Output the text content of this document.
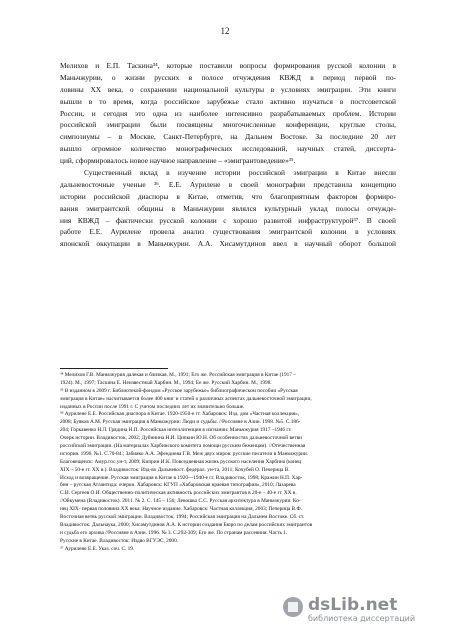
12
Мелихов и Е.П. Таскина³⁴, которые поставили вопросы формирования русской колонии в
Маньчжурии, о жизни русских в полосе отчуждения КВЖД в период первой по-
ловины XX века, о сохранении национальной культуры в условиях эмиграции. Эти книги
вышли в то время, когда российское зарубежье стало активно изучаться в постсоветской
России, и сегодня это одна из наиболее интенсивно разрабатываемых проблем. Истории
российской эмиграции были посвящены многочисленные конференции, круглые столы,
симпозиумы – в Москве, Санкт-Петербурге, на Дальнем Востоке. За последние 20 лет
вышло огромное количество монографических исследований, научных статей, диссерта-
ций, сформировалось новое научное направление – «эмигрантоведение»³⁵.
Существенный вклад в изучение истории российской эмиграции в Китае внесли
дальневосточные ученые ³⁶. Е.Е. Аурилене в своей монографии представила концепцию
истории российской диаспоры в Китае, отметив, что благоприятным фактором формиро-
вания эмигрантской общины в Маньчжурии являлся культурный уклад полосы отчужде-
ния КВЖД – фактически русской колонии с хорошо развитой инфраструктурой³⁷. В своей
работе Е.Е. Аурилене провела анализ существования эмигрантской колонии в условиях
японской оккупации в Маньчжурии. А.А. Хисамутдинов ввел в научный оборот большой
³⁴ Мелихов Г.В. Маньчжурия далекая и близкая. М., 1991; Его же. Российская эмиграция в Китае (1917 –
1924). М., 1997; Таскина Е. Неизвестный Харбин. М., 1994; Ее же. Русский Харбин. М., 1998.
³⁵ В изданном в 2009 г. Библиотекой-фондом «Русское зарубежье» библиографическом пособии «Русская
эмиграция в Китае» насчитывается более 400 книг и статей о различных аспектах дальневосточной эмиграции,
изданных в России после 1991 г. С учетом последних лет их значительно больше.
³⁶ Аурилене Е.Е. Российская диаспора в Китае. 1920-1950-е гг. Хабаровск: Изд. дом «Частная коллекция»,
2008; Буяков А.М. Русская эмиграция в Маньчжурии: Люди и судьбы. //Россияне в Азии. 1998. №5. С.186-
204; Горкавенко Н.Л. Грядина Н.П. Российская интеллигенция в изгнании: Маньчжурия 1917 –1946 гг.
Очерк истории. Владивосток, 2002; Дубинина Н.И. Ципкин Ю.Н. Об особенностях дальневосточной ветви
российской эмиграции. (На материалах Харбинского комитета помощи русским беженцам). //Отечественная
история. 1996. №1. С.70-84.; Забияко А.А. Эфендиева Г.В. Меж двух миров: русские писатели в Маньчжурии.
Благовещенск: Амур.гос.ун-т, 2009; Киприн И.К. Повседневная жизнь русского населения Харбина (конец
XIX – 50-е гг. XX в.). Владивосток: Изд-во Дальневост. федерал. ун-та, 2011; Кочубей О. Печерица В.
Исход и возвращение. Русская эмиграция в Китае в 1920—1940-е гг. Владивосток, 1998; Кражин Н.П. Хар-
бин – русская Атлантида: очерки. Хабаровск: КГУП «Хабаровская краевая типография», 2010; Лазарева
С.И. Сергеев О.И. Общественно-политическая активность российских эмигрантов в 20-е – 40-е гг. XX в.
//Ойкумена (Владивосток). 2011. № 2. С. 145 – 156; Левошко С.С. Русская архитектура в Маньчжурии. Ко-
нец XIX- первая половина XX века: Научное издание. Хабаровск: Частная коллекция, 2003; Печерица В.Ф.
Восточная ветвь русской эмиграции. Владивосток, 1994; Российская эмиграция на Дальнем Востоке. Сб. ст.
Владивосток: Дальнаука, 2000; Хисамутдинов А.А. К истории создания Бюро по делам российских эмигрантов
и судьба его архива //Россияне в Азии. 1996. № 3. С.292-309; Его же. По странам рассеяния. Часть 1.
Русские в Китае. Владивосток: Издво ВГУЭС, 2000.
³⁷ Аурилене Е.Е. Указ. соч. С. 19.
dsLib.net
библиотека диссертаций
